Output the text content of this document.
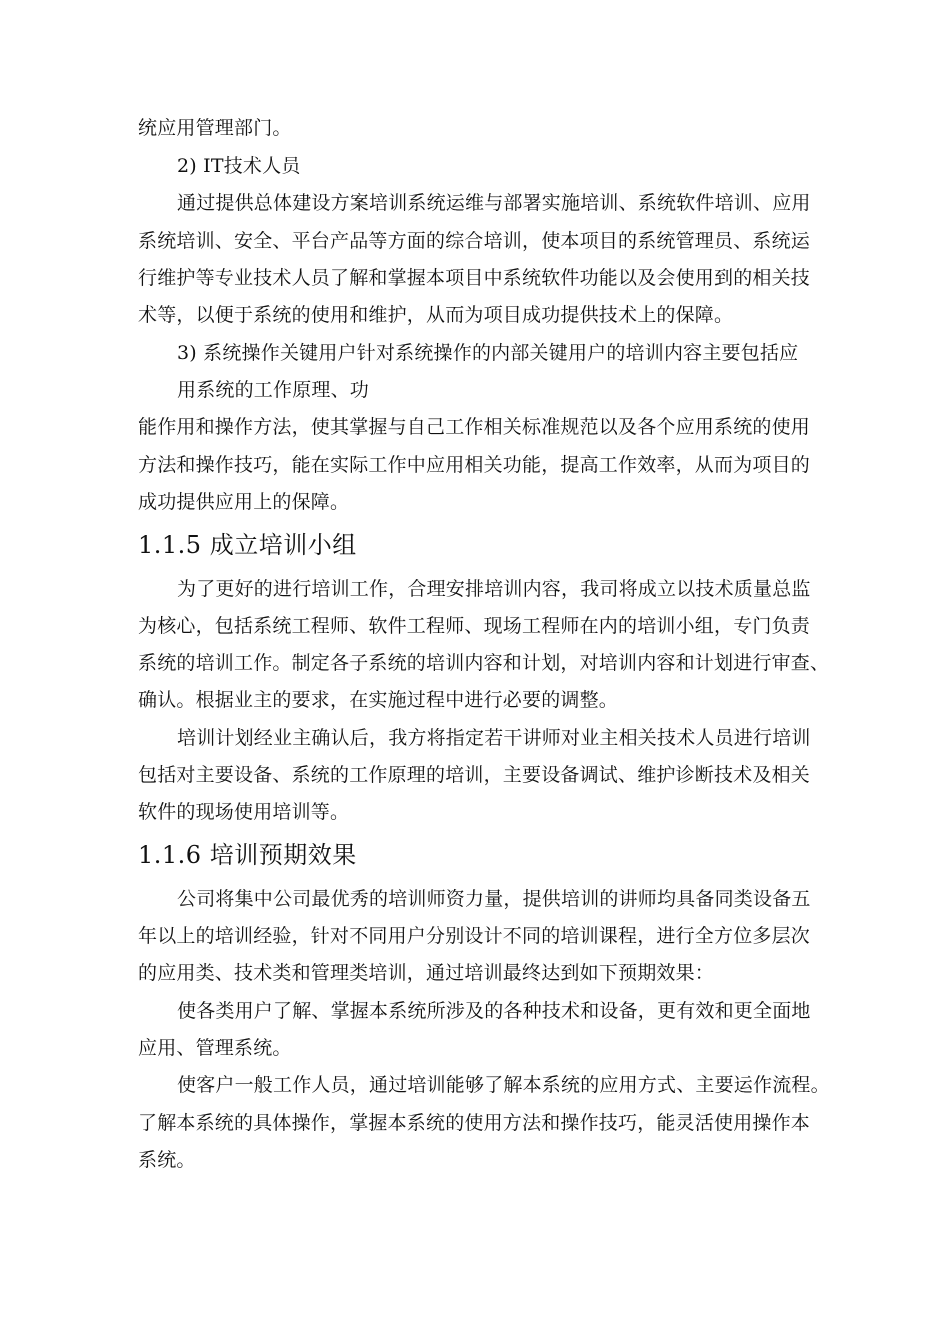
统应用管理部门。
2) IT技术人员
通过提供总体建设方案培训系统运维与部署实施培训、系统软件培训、应用
系统培训、安全、平台产品等方面的综合培训，使本项目的系统管理员、系统运
行维护等专业技术人员了解和掌握本项目中系统软件功能以及会使用到的相关技
术等，以便于系统的使用和维护，从而为项目成功提供技术上的保障。
3) 系统操作关键用户针对系统操作的内部关键用户的培训内容主要包括应
用系统的工作原理、功
能作用和操作方法，使其掌握与自己工作相关标准规范以及各个应用系统的使用
方法和操作技巧，能在实际工作中应用相关功能，提高工作效率，从而为项目的
成功提供应用上的保障。
1.1.5 成立培训小组
为了更好的进行培训工作，合理安排培训内容，我司将成立以技术质量总监
为核心，包括系统工程师、软件工程师、现场工程师在内的培训小组，专门负责
系统的培训工作。制定各子系统的培训内容和计划，对培训内容和计划进行审查、
确认。根据业主的要求，在实施过程中进行必要的调整。
培训计划经业主确认后，我方将指定若干讲师对业主相关技术人员进行培训
包括对主要设备、系统的工作原理的培训，主要设备调试、维护诊断技术及相关
软件的现场使用培训等。
1.1.6 培训预期效果
公司将集中公司最优秀的培训师资力量，提供培训的讲师均具备同类设备五
年以上的培训经验，针对不同用户分别设计不同的培训课程，进行全方位多层次
的应用类、技术类和管理类培训，通过培训最终达到如下预期效果：
使各类用户了解、掌握本系统所涉及的各种技术和设备，更有效和更全面地
应用、管理系统。
使客户一般工作人员，通过培训能够了解本系统的应用方式、主要运作流程。
了解本系统的具体操作，掌握本系统的使用方法和操作技巧，能灵活使用操作本
系统。
